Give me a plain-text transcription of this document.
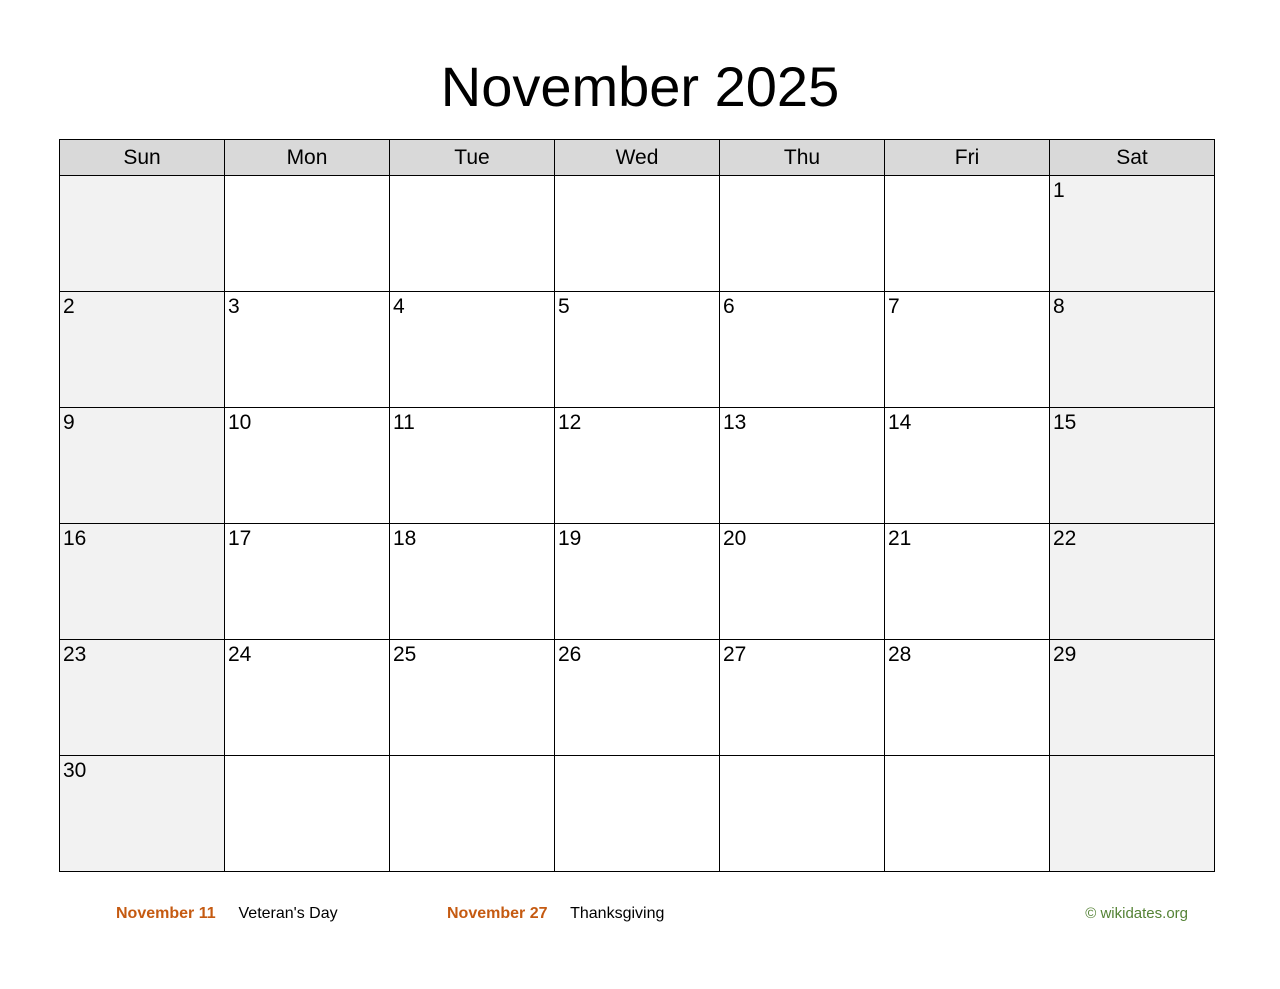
November 2025
Sun	Mon	Tue	Wed	Thu	Fri	Sat
						1
2	3	4	5	6	7	8
9	10	11	12	13	14	15
16	17	18	19	20	21	22
23	24	25	26	27	28	29
30						
November 11 Veteran's Day	November 27 Thanksgiving	© wikidates.org
